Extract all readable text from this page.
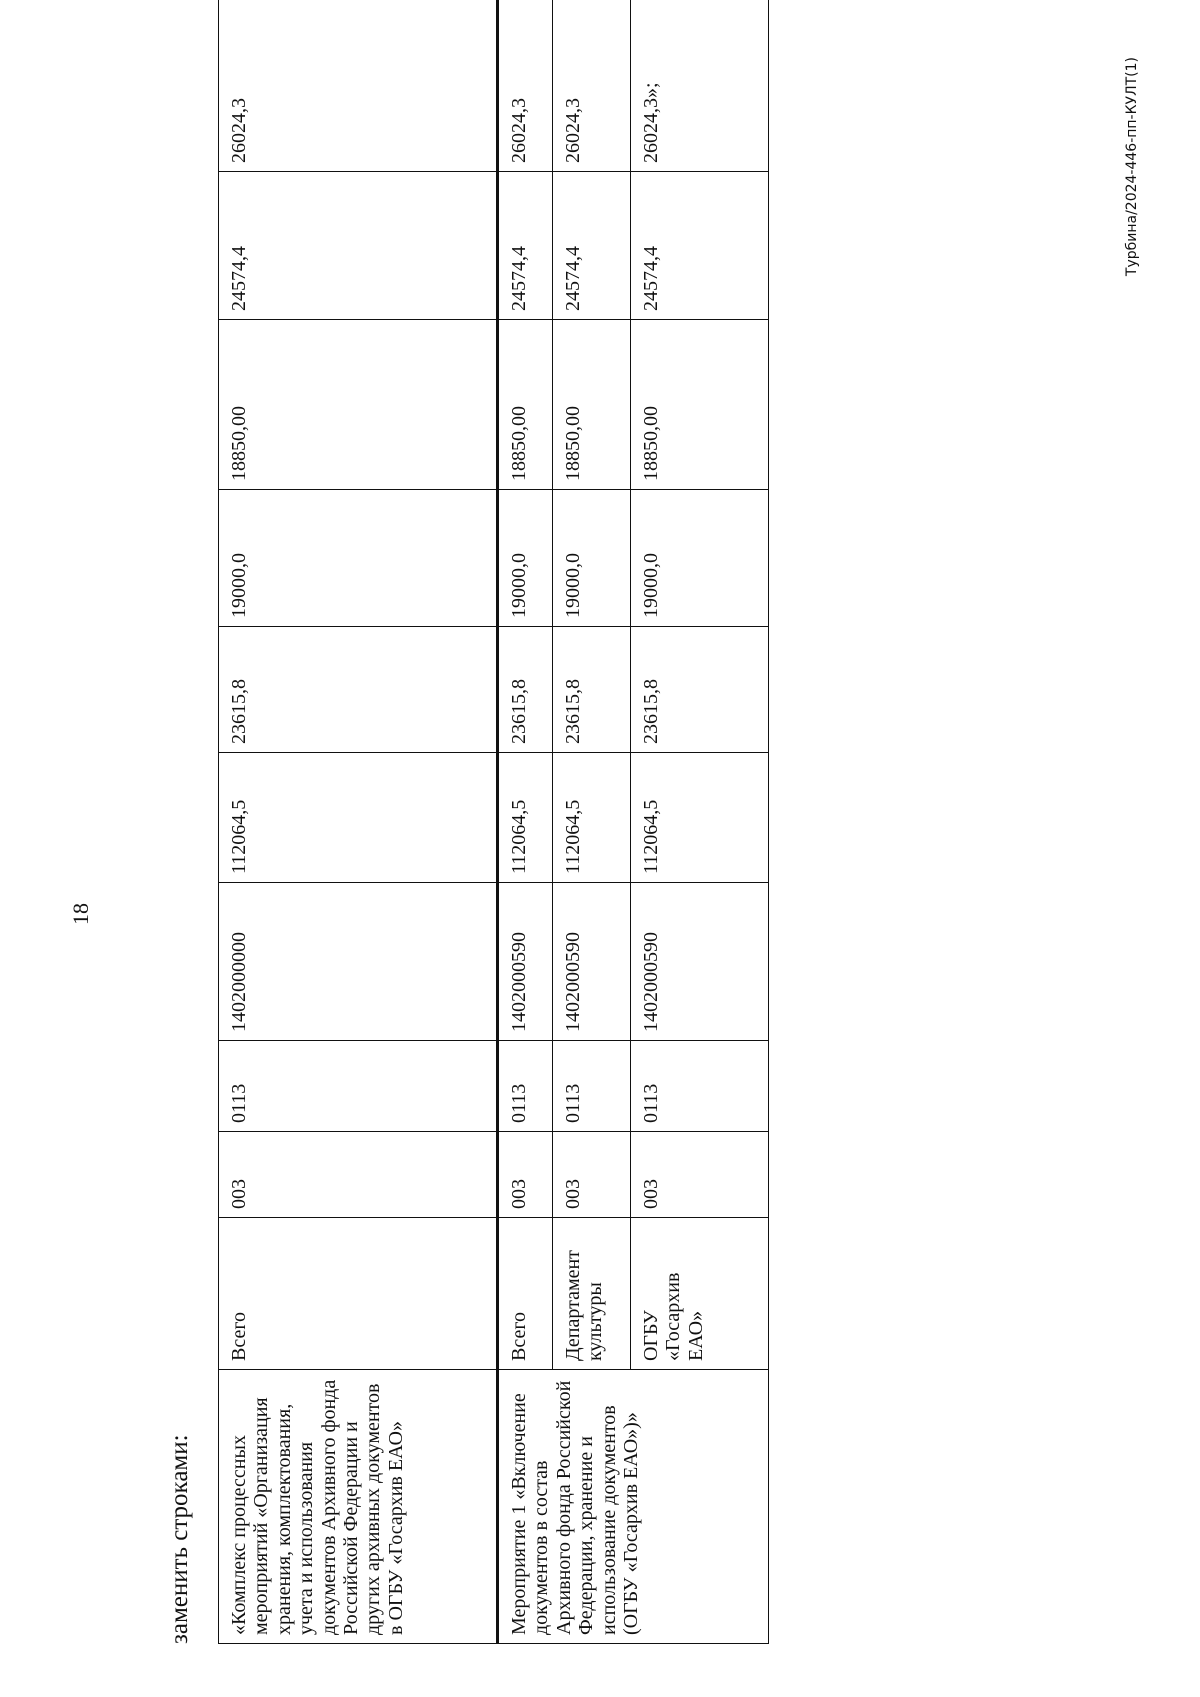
18
заменить строками: «Комплекс процессных мероприятий «Организация хранения, комплектования, учета и использования документов Архивного фонда Российской Федерации и других архивных документов в ОГБУ «Госархив ЕАО»	Всего	003	0113	1402000000	112064,5	23615,8	19000,0	18850,00	24574,4	26024,3

Мероприятие 1 «Включение документов в состав Архивного фонда Российской Федерации, хранение и использование документов (ОГБУ «Госархив ЕАО»)»	Всего	003	0113	1402000590	112064,5	23615,8	19000,0	18850,00	24574,4	26024,3
	Департамент культуры	003	0113	1402000590	112064,5	23615,8	19000,0	18850,00	24574,4	26024,3
	ОГБУ «Госархив ЕАО»	003	0113	1402000590	112064,5	23615,8	19000,0	18850,00	24574,4	26024,3»;	Турбина/2024-446-пп-КУЛТ(1)
